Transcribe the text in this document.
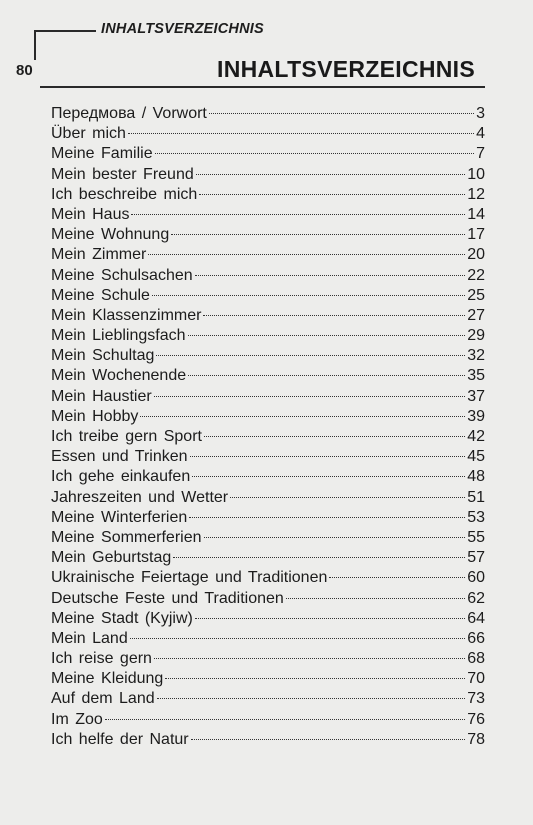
INHALTSVERZEICHNIS
80	INHALTSVERZEICHNIS
Передмова / Vorwort	3
Über mich	4
Meine Familie	7
Mein bester Freund	10
Ich beschreibe mich	12
Mein Haus	14
Meine Wohnung	17
Mein Zimmer	20
Meine Schulsachen	22
Meine Schule	25
Mein Klassenzimmer	27
Mein Lieblingsfach	29
Mein Schultag	32
Mein Wochenende	35
Mein Haustier	37
Mein Hobby	39
Ich treibe gern Sport	42
Essen und Trinken	45
Ich gehe einkaufen	48
Jahreszeiten und Wetter	51
Meine Winterferien	53
Meine Sommerferien	55
Mein Geburtstag	57
Ukrainische Feiertage und Traditionen	60
Deutsche Feste und Traditionen	62
Meine Stadt (Kyjiw)	64
Mein Land	66
Ich reise gern	68
Meine Kleidung	70
Auf dem Land	73
Im Zoo	76
Ich helfe der Natur	78
